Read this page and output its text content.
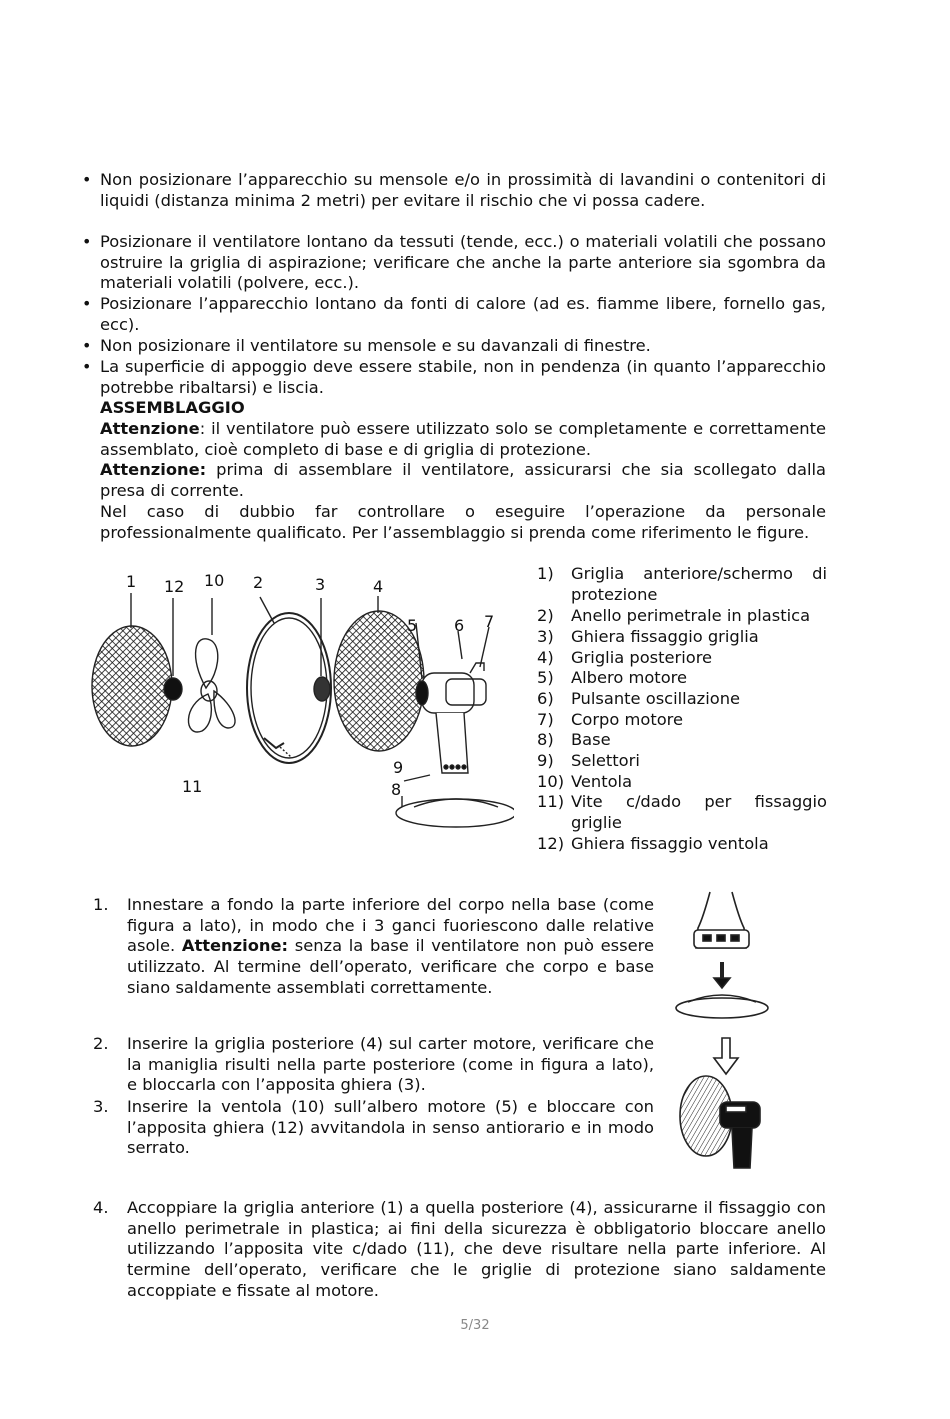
• Non posizionare l’apparecchio su mensole e/o in prossimità di lavandini o contenitori di liquidi (distanza minima 2 metri) per evitare il rischio che vi possa cadere.
• Posizionare il ventilatore lontano da tessuti (tende, ecc.) o materiali volatili che possano ostruire la griglia di aspirazione; verificare che anche la parte anteriore sia sgombra da materiali volatili (polvere, ecc.).
• Posizionare l’apparecchio lontano da fonti di calore (ad es. fiamme libere, fornello gas, ecc).
• Non posizionare il ventilatore su mensole e su davanzali di finestre.
• La superficie di appoggio deve essere stabile, non in pendenza (in quanto l’apparecchio potrebbe ribaltarsi) e liscia.
ASSEMBLAGGIO
Attenzione: il ventilatore può essere utilizzato solo se completamente e correttamente assemblato, cioè completo di base e di griglia di protezione.
Attenzione: prima di assemblare il ventilatore, assicurarsi che sia scollegato dalla presa di corrente.
Nel caso di dubbio far controllare o eseguire l’operazione da personale professionalmente qualificato. Per l’assemblaggio si prenda come riferimento le figure.
1 12 10 2	3	4
5 6 7
9
8
11
1) Griglia anteriore/schermo di protezione
2) Anello perimetrale in plastica
3) Ghiera fissaggio griglia
4) Griglia posteriore
5) Albero motore
6) Pulsante oscillazione
7) Corpo motore
8) Base
9) Selettori
10) Ventola
11) Vite c/dado per fissaggio griglie
12) Ghiera fissaggio ventola
1. Innestare a fondo la parte inferiore del corpo nella base (come figura a lato), in modo che i 3 ganci fuoriescono dalle relative asole. Attenzione: senza la base il ventilatore non può essere utilizzato. Al termine dell’operato, verificare che corpo e base siano saldamente assemblati correttamente.
2. Inserire la griglia posteriore (4) sul carter motore, verificare che la maniglia risulti nella parte posteriore (come in figura a lato), e bloccarla con l’apposita ghiera (3).
3. Inserire la ventola (10) sull’albero motore (5) e bloccare con l’apposita ghiera (12) avvitandola in senso antiorario e in modo serrato.
4. Accoppiare la griglia anteriore (1) a quella posteriore (4), assicurarne il fissaggio con anello perimetrale in plastica; ai fini della sicurezza è obbligatorio bloccare anello utilizzando l’apposita vite c/dado (11), che deve risultare nella parte inferiore. Al termine dell’operato, verificare che le griglie di protezione siano saldamente accoppiate e fissate al motore.
5/32
